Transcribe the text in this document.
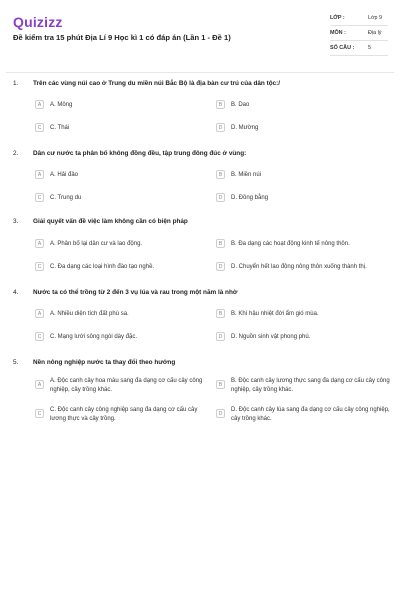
Quizizz
Đề kiểm tra 15 phút Địa Lí 9 Học kì 1 có đáp án (Lần 1 - Đề 1)
LỚP :	Lớp 9
MÔN :	Địa lý
SỐ CÂU :	5
1. Trên các vùng núi cao ở Trung du miền núi Bắc Bộ là địa bàn cư trú của dân tộc:/
A	A. Mông	B	B. Dao
C	C. Thái	D	D. Mường
2. Dân cư nước ta phân bố không đồng đều, tập trung đông đúc ở vùng:
A	A. Hải đảo	B	B. Miền núi
C	C. Trung du	D	D. Đồng bằng
3. Giải quyết vấn đề việc làm không cần có biện pháp
A	A. Phân bố lại dân cư và lao động.	B	B. Đa dạng các hoạt động kinh tế nông thôn.
C	C. Đa dạng các loại hình đào tạo nghề.	D	D. Chuyển hết lao động nông thôn xuống thành thị.
4. Nước ta có thể trồng từ 2 đến 3 vụ lúa và rau trong một năm là nhờ
A	A. Nhiều diện tích đất phù sa.	B	B. Khí hậu nhiệt đới ẩm gió mùa.
C	C. Mạng lưới sông ngòi dày đặc.	D	D. Nguồn sinh vật phong phú.
5. Nền nông nghiệp nước ta thay đổi theo hướng
A
A. Độc canh cây hoa màu sang đa dạng cơ cấu cây công nghiệp, cây trồng khác.
B
B. Độc canh cây lương thực sang đa dạng cơ cấu cây công nghiệp, cây trồng khác.
C
C. Độc canh cây công nghiệp sang đa dạng cơ cấu cây lương thực và cây trồng.
D
D. Độc canh cây lúa sang đa dạng cơ cấu cây công nghiệp, cây trồng khác.
